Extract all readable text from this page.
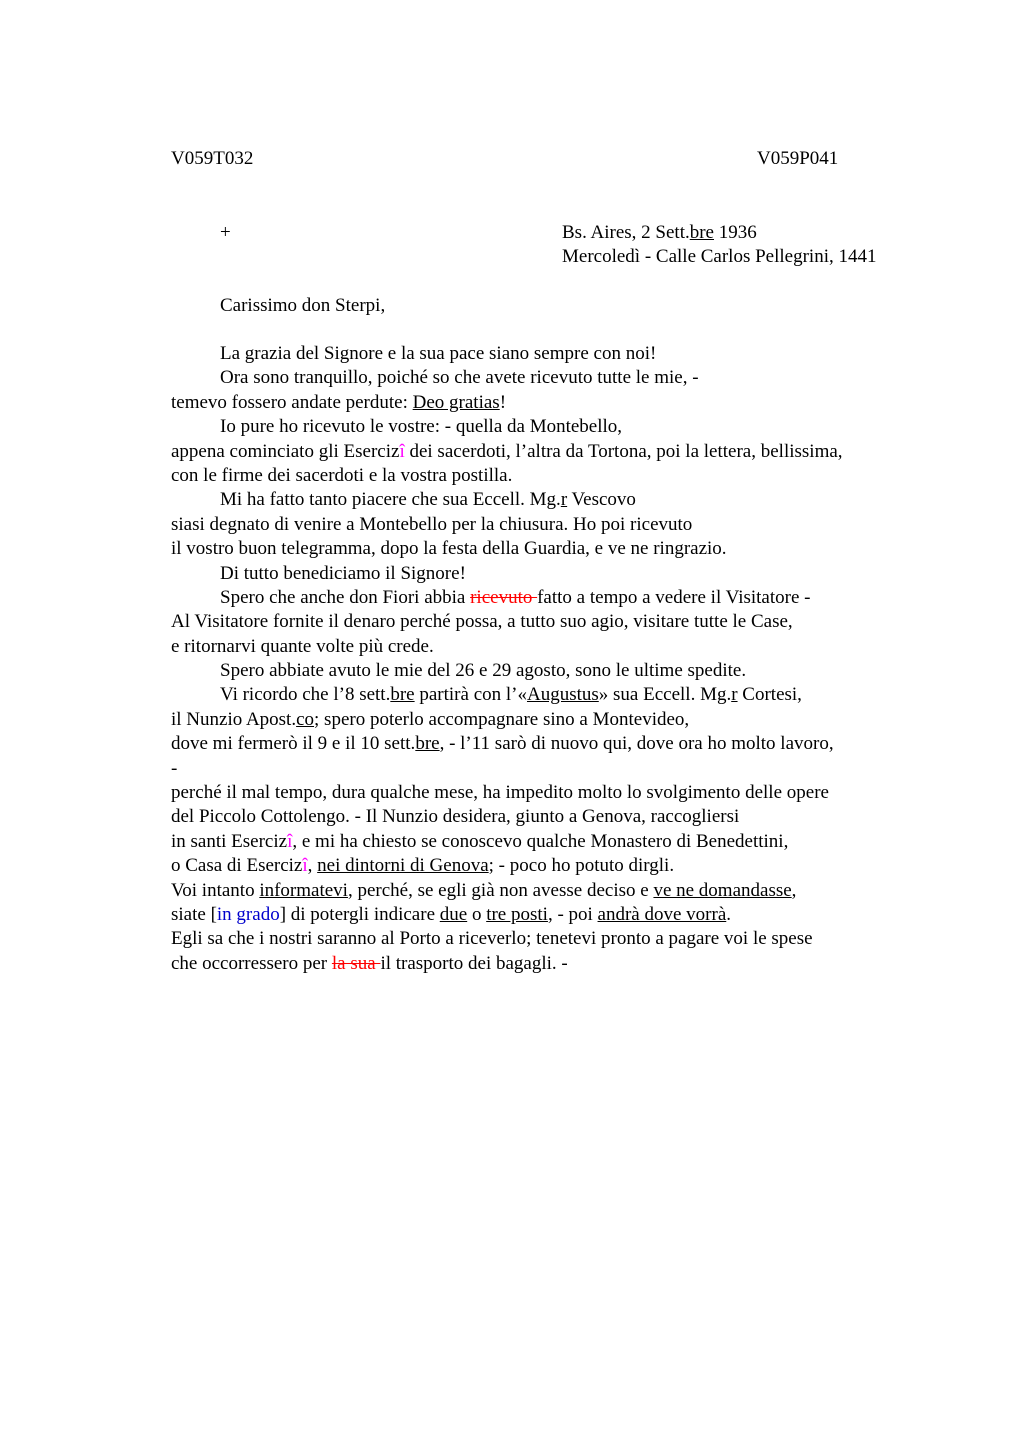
V059T032	V059P041
+	Bs. Aires, 2 Sett.bre 1936
Mercoledì - Calle Carlos Pellegrini, 1441
Carissimo don Sterpi,
La grazia del Signore e la sua pace siano sempre con noi!
Ora sono tranquillo, poiché so che avete ricevuto tutte le mie, -
temevo fossero andate perdute: Deo gratias!
Io pure ho ricevuto le vostre: - quella da Montebello,
appena cominciato gli Esercizî dei sacerdoti, l’altra da Tortona, poi la lettera, bellissima,
con le firme dei sacerdoti e la vostra postilla.
Mi ha fatto tanto piacere che sua Eccell. Mg.r Vescovo
siasi degnato di venire a Montebello per la chiusura. Ho poi ricevuto
il vostro buon telegramma, dopo la festa della Guardia, e ve ne ringrazio.
Di tutto benediciamo il Signore!
Spero che anche don Fiori abbia ricevuto fatto a tempo a vedere il Visitatore -
Al Visitatore fornite il denaro perché possa, a tutto suo agio, visitare tutte le Case,
e ritornarvi quante volte più crede.
Spero abbiate avuto le mie del 26 e 29 agosto, sono le ultime spedite.
Vi ricordo che l’8 sett.bre partirà con l’«Augustus» sua Eccell. Mg.r Cortesi,
il Nunzio Apost.co; spero poterlo accompagnare sino a Montevideo,
dove mi fermerò il 9 e il 10 sett.bre, - l’11 sarò di nuovo qui, dove ora ho molto lavoro,
-
perché il mal tempo, dura qualche mese, ha impedito molto lo svolgimento delle opere
del Piccolo Cottolengo. - Il Nunzio desidera, giunto a Genova, raccogliersi
in santi Esercizî, e mi ha chiesto se conoscevo qualche Monastero di Benedettini,
o Casa di Esercizî, nei dintorni di Genova; - poco ho potuto dirgli.
Voi intanto informatevi, perché, se egli già non avesse deciso e ve ne domandasse,
siate [in grado] di potergli indicare due o tre posti, - poi andrà dove vorrà.
Egli sa che i nostri saranno al Porto a riceverlo; tenetevi pronto a pagare voi le spese
che occorressero per la sua il trasporto dei bagagli. -
